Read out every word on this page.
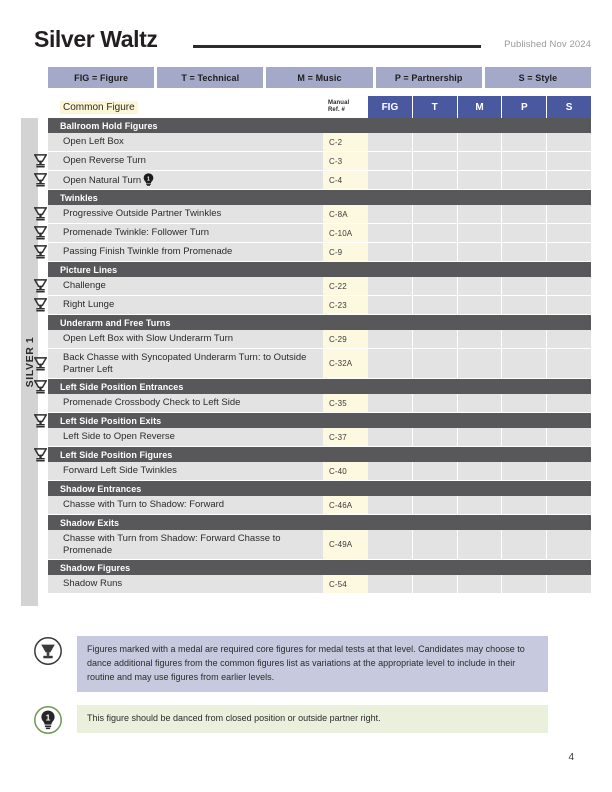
Silver Waltz	Published Nov 2024
FIG = Figure	T = Technical	M = Music	P = Partnership	S = Style
SILVER 1
Common Figure	Manual
Ref. #	FIG	T	M	P	S
Ballroom Hold Figures
Open Left Box	C-2
Open Reverse Turn	C-3
Open Natural Turn 1	C-4
Twinkles
Progressive Outside Partner Twinkles	C-8A
Promenade Twinkle: Follower Turn	C-10A
Passing Finish Twinkle from Promenade	C-9
Picture Lines
Challenge	C-22
Right Lunge	C-23
Underarm and Free Turns
Open Left Box with Slow Underarm Turn	C-29
Back Chasse with Syncopated Underarm Turn: to Outside Partner Left	C-32A
Left Side Position Entrances
Promenade Crossbody Check to Left Side	C-35
Left Side Position Exits
Left Side to Open Reverse	C-37
Left Side Position Figures
Forward Left Side Twinkles	C-40
Shadow Entrances
Chasse with Turn to Shadow: Forward	C-46A
Shadow Exits
Chasse with Turn from Shadow: Forward Chasse to Promenade	C-49A
Shadow Figures
Shadow Runs	C-54
Figures marked with a medal are required core figures for medal tests at that level. Candidates may choose to dance additional figures from the common figures list as variations at the appropriate level to include in their routine and may use figures from earlier levels.
1	This figure should be danced from closed position or outside partner right.
4
